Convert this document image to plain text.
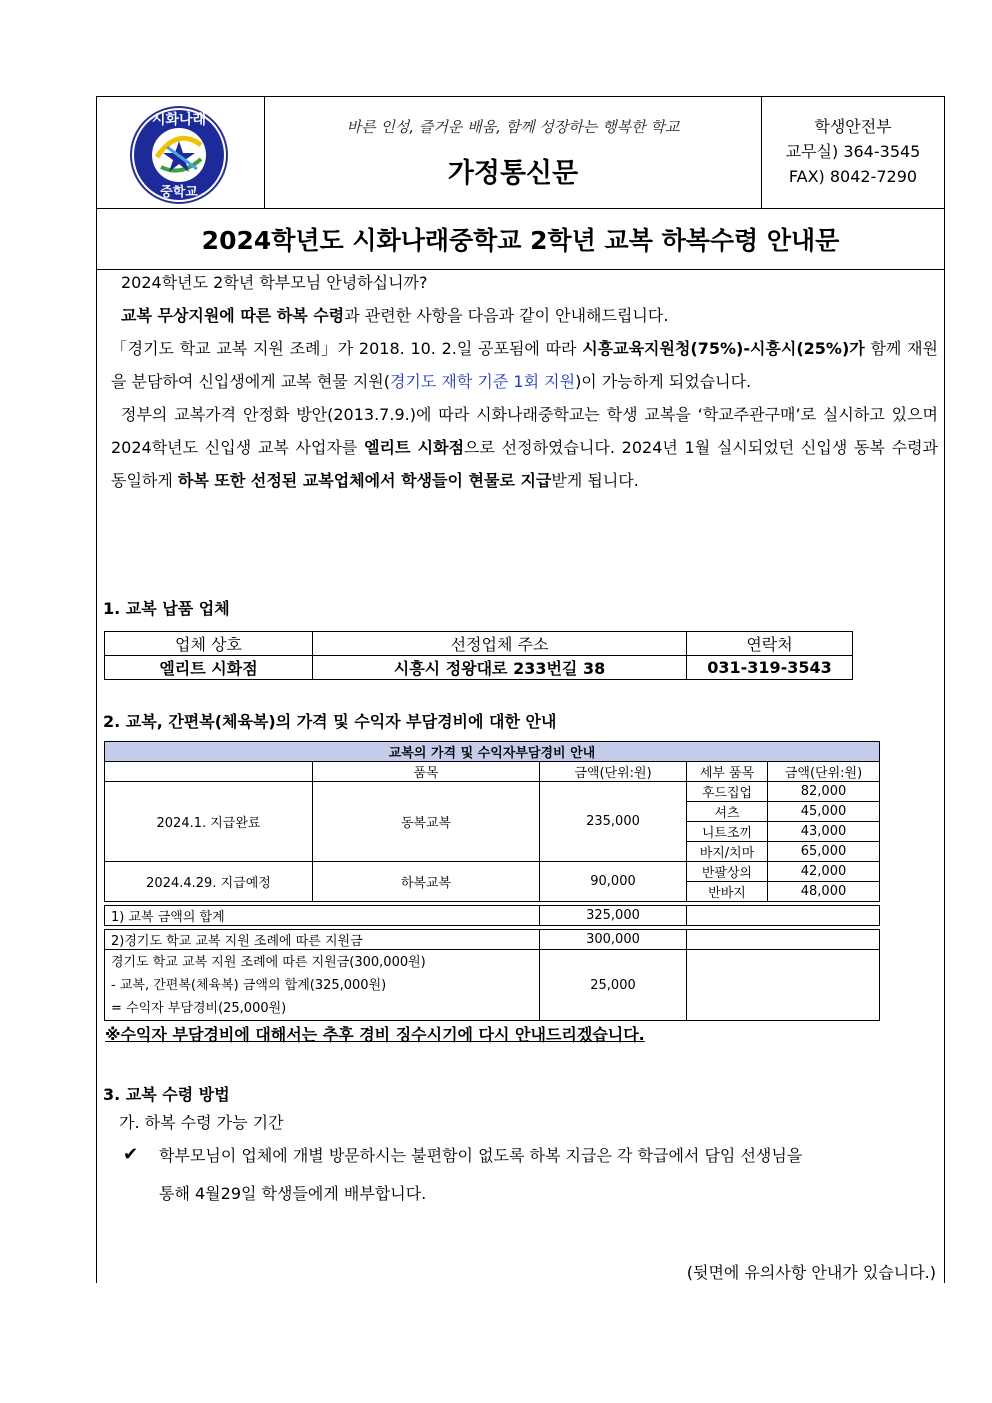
시화나래
중학교
바른 인성, 즐거운 배움, 함께 성장하는 행복한 학교
가정통신문
학생안전부
교무실) 364-3545
FAX) 8042-7290
2024학년도 시화나래중학교 2학년 교복 하복수령 안내문

2024학년도 2학년 학부모님 안녕하십니까?

교복 무상지원에 따른 하복 수령과 관련한 사항을 다음과 같이 안내해드립니다.

「경기도 학교 교복 지원 조례」가 2018. 10. 2.일 공포됨에 따라 시흥교육지원청(75%)-시흥시(25%)가 함께 재원을 분담하여 신입생에게 교복 현물 지원(경기도 재학 기준 1회 지원)이 가능하게 되었습니다.

정부의 교복가격 안정화 방안(2013.7.9.)에 따라 시화나래중학교는 학생 교복을 ‘학교주관구매’로 실시하고 있으며 2024학년도 신입생 교복 사업자를 엘리트 시화점으로 선정하였습니다. 2024년 1월 실시되었던 신입생 동복 수령과 동일하게 하복 또한 선정된 교복업체에서 학생들이 현물로 지급받게 됩니다.

1. 교복 납품 업체
업체 상호	선정업체 주소	연락처
엘리트 시화점	시흥시 정왕대로 233번길 38	031-319-3543
2. 교복, 간편복(체육복)의 가격 및 수익자 부담경비에 대한 안내
교복의 가격 및 수익자부담경비 안내				
	품목	금액(단위:원)	세부 품목	금액(단위:원)
2024.1. 지급완료	동복교복	235,000	후드집업	82,000
			셔츠	45,000
			니트조끼	43,000
			바지/치마	65,000
2024.4.29. 지급예정	하복교복	90,000	반팔상의	42,000
			반바지	48,000

1) 교복 금액의 합계		325,000		

2)경기도 학교 교복 지원 조례에 따른 지원금		300,000		

경기도 학교 교복 지원 조례에 따른 지원금(300,000원)
- 교복, 간편복(체육복) 금액의 합계(325,000원)
= 수익자 부담경비(25,000원)		25,000		
※수익자 부담경비에 대해서는 추후 경비 징수시기에 다시 안내드리겠습니다.
3. 교복 수령 방법
가. 하복 수령 가능 기간
✔ 학부모님이 업체에 개별 방문하시는 불편함이 없도록 하복 지급은 각 학급에서 담임 선생님을
통해 4월29일 학생들에게 배부합니다.
(뒷면에 유의사항 안내가 있습니다.)
